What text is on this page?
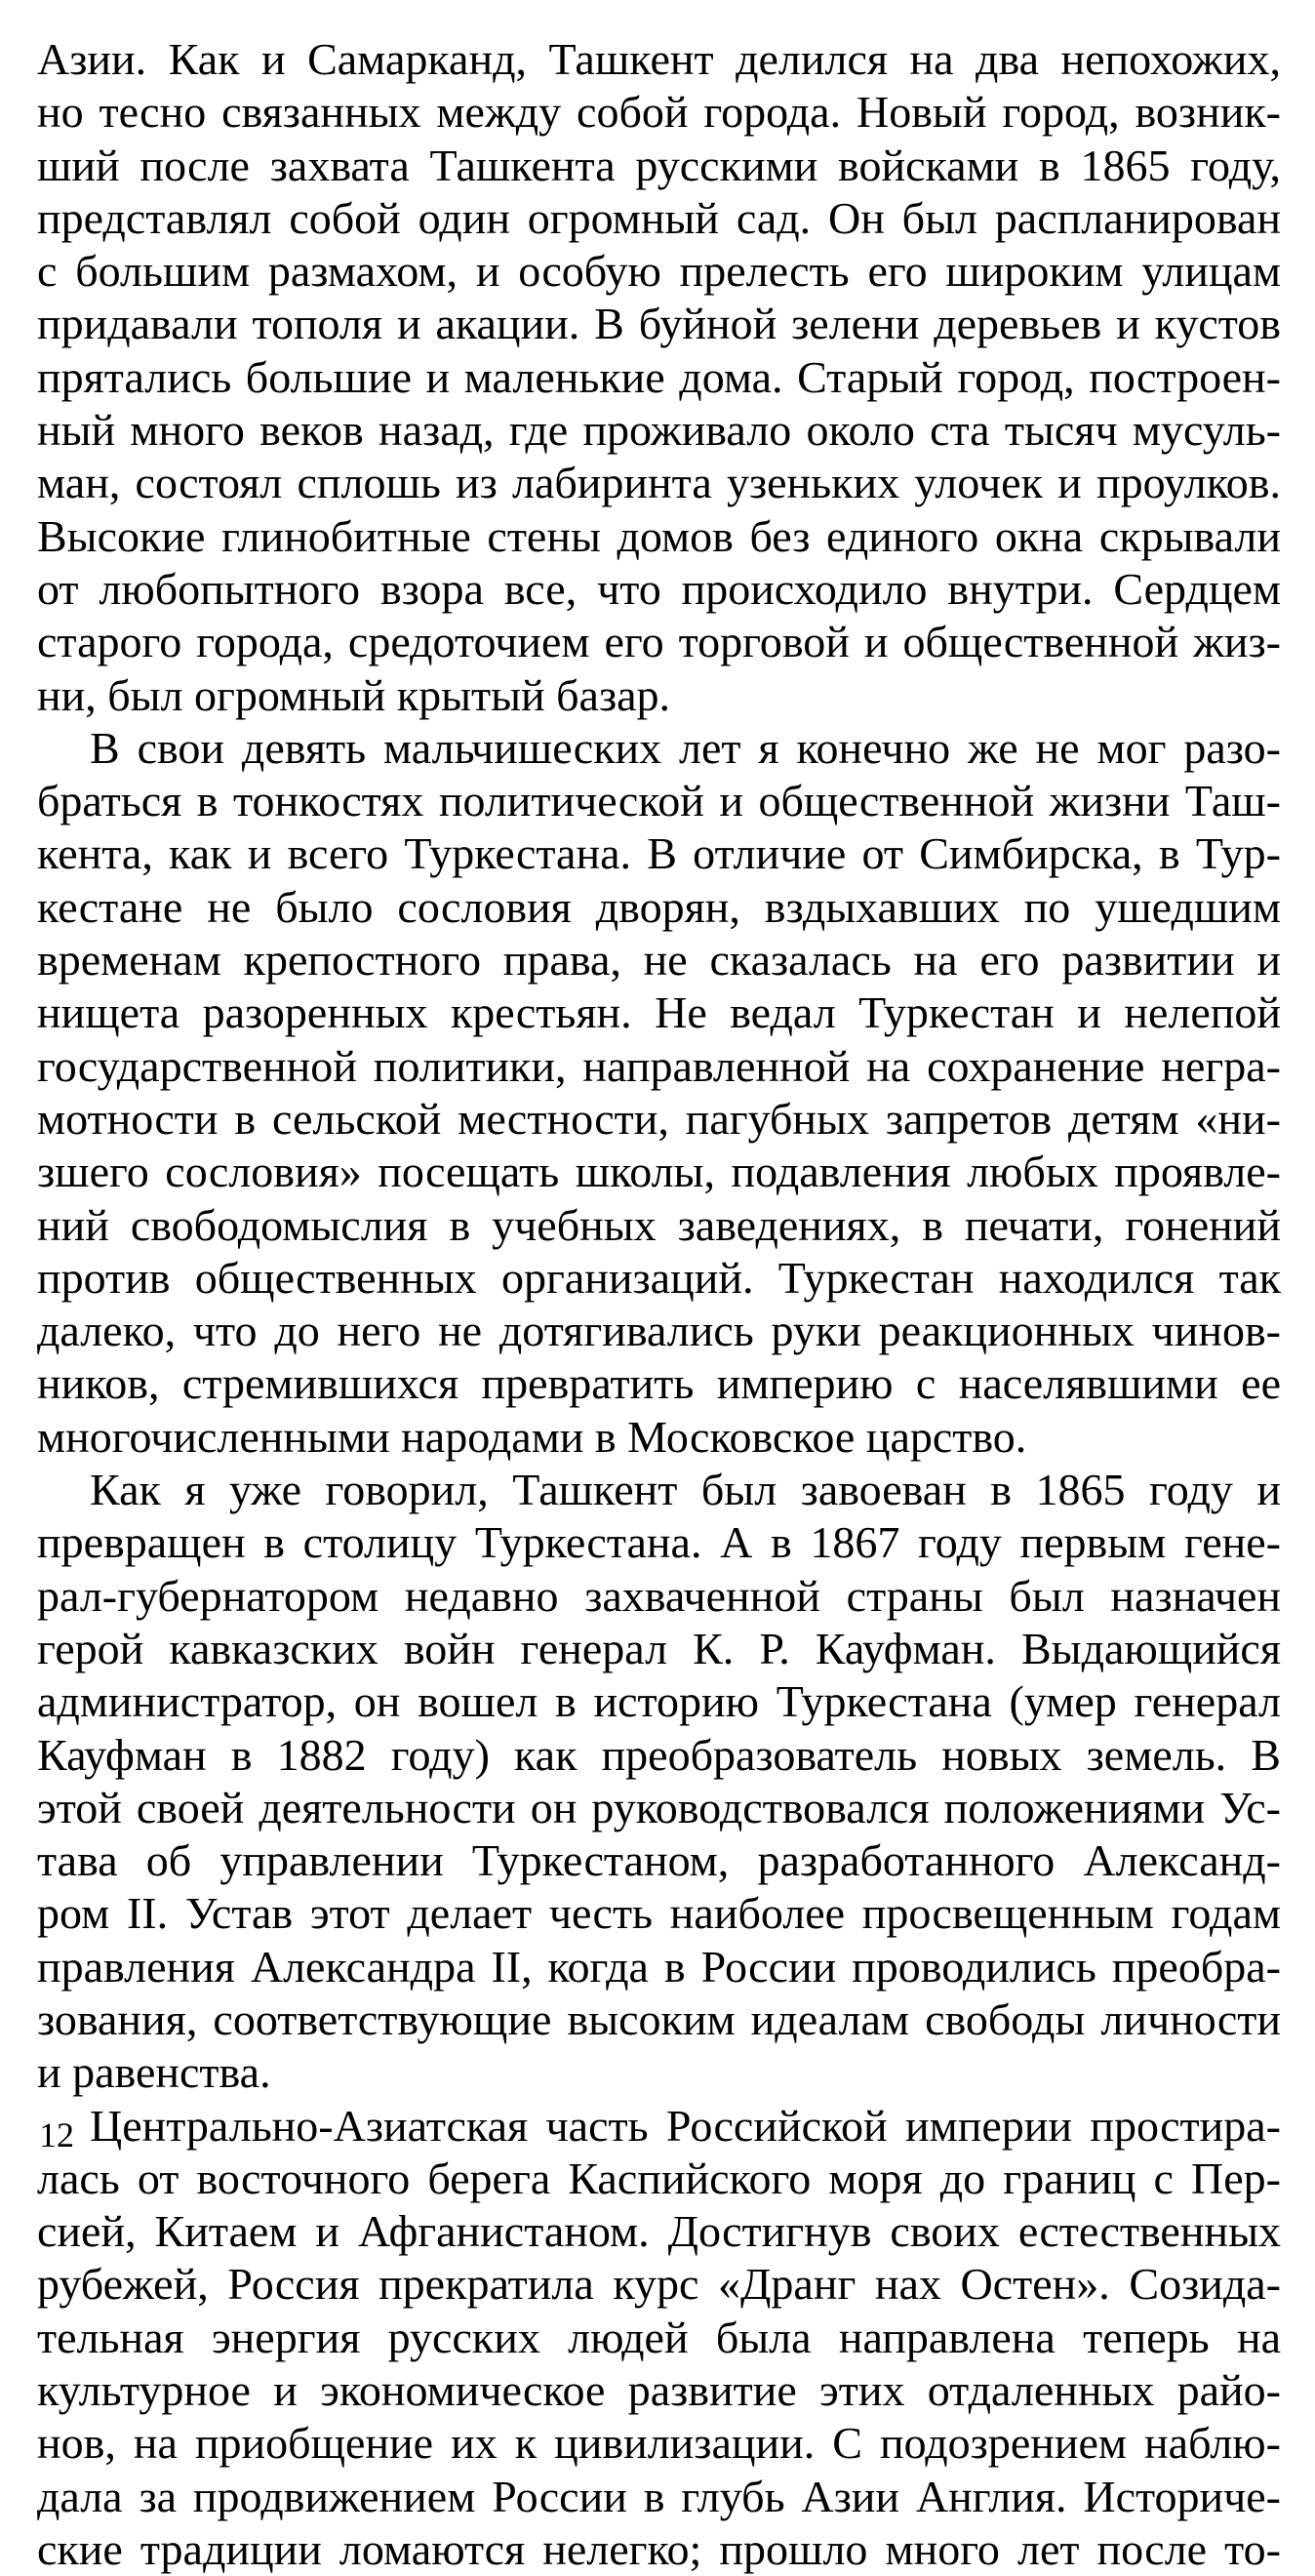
Азии. Как и Самарканд, Ташкент делился на два непохожих,
но тесно связанных между собой города. Новый город, возник-
ший после захвата Ташкента русскими войсками в 1865 году,
представлял собой один огромный сад. Он был распланирован
с большим размахом, и особую прелесть его широким улицам
придавали тополя и акации. В буйной зелени деревьев и кустов
прятались большие и маленькие дома. Старый город, построен-
ный много веков назад, где проживало около ста тысяч мусуль-
ман, состоял сплошь из лабиринта узеньких улочек и проулков.
Высокие глинобитные стены домов без единого окна скрывали
от любопытного взора все, что происходило внутри. Сердцем
старого города, средоточием его торговой и общественной жиз-
ни, был огромный крытый базар.
В свои девять мальчишеских лет я конечно же не мог разо-
браться в тонкостях политической и общественной жизни Таш-
кента, как и всего Туркестана. В отличие от Симбирска, в Тур-
кестане не было сословия дворян, вздыхавших по ушедшим
временам крепостного права, не сказалась на его развитии и
нищета разоренных крестьян. Не ведал Туркестан и нелепой
государственной политики, направленной на сохранение негра-
мотности в сельской местности, пагубных запретов детям «ни-
зшего сословия» посещать школы, подавления любых проявле-
ний свободомыслия в учебных заведениях, в печати, гонений
против общественных организаций. Туркестан находился так
далеко, что до него не дотягивались руки реакционных чинов-
ников, стремившихся превратить империю с населявшими ее
многочисленными народами в Московское царство.
Как я уже говорил, Ташкент был завоеван в 1865 году и
превращен в столицу Туркестана. А в 1867 году первым гене-
рал-губернатором недавно захваченной страны был назначен
герой кавказских войн генерал К. Р. Кауфман. Выдающийся
администратор, он вошел в историю Туркестана (умер генерал
Кауфман в 1882 году) как преобразователь новых земель. В
этой своей деятельности он руководствовался положениями Ус-
тава об управлении Туркестаном, разработанного Александ-
ром II. Устав этот делает честь наиболее просвещенным годам
правления Александра II, когда в России проводились преобра-
зования, соответствующие высоким идеалам свободы личности
и равенства.
Центрально-Азиатская часть Российской империи простира-
лась от восточного берега Каспийского моря до границ с Пер-
сией, Китаем и Афганистаном. Достигнув своих естественных
рубежей, Россия прекратила курс «Дранг нах Остен». Созида-
тельная энергия русских людей была направлена теперь на
культурное и экономическое развитие этих отдаленных райо-
нов, на приобщение их к цивилизации. С подозрением наблю-
дала за продвижением России в глубь Азии Англия. Историче-
ские традиции ломаются нелегко; прошло много лет после то-
12
